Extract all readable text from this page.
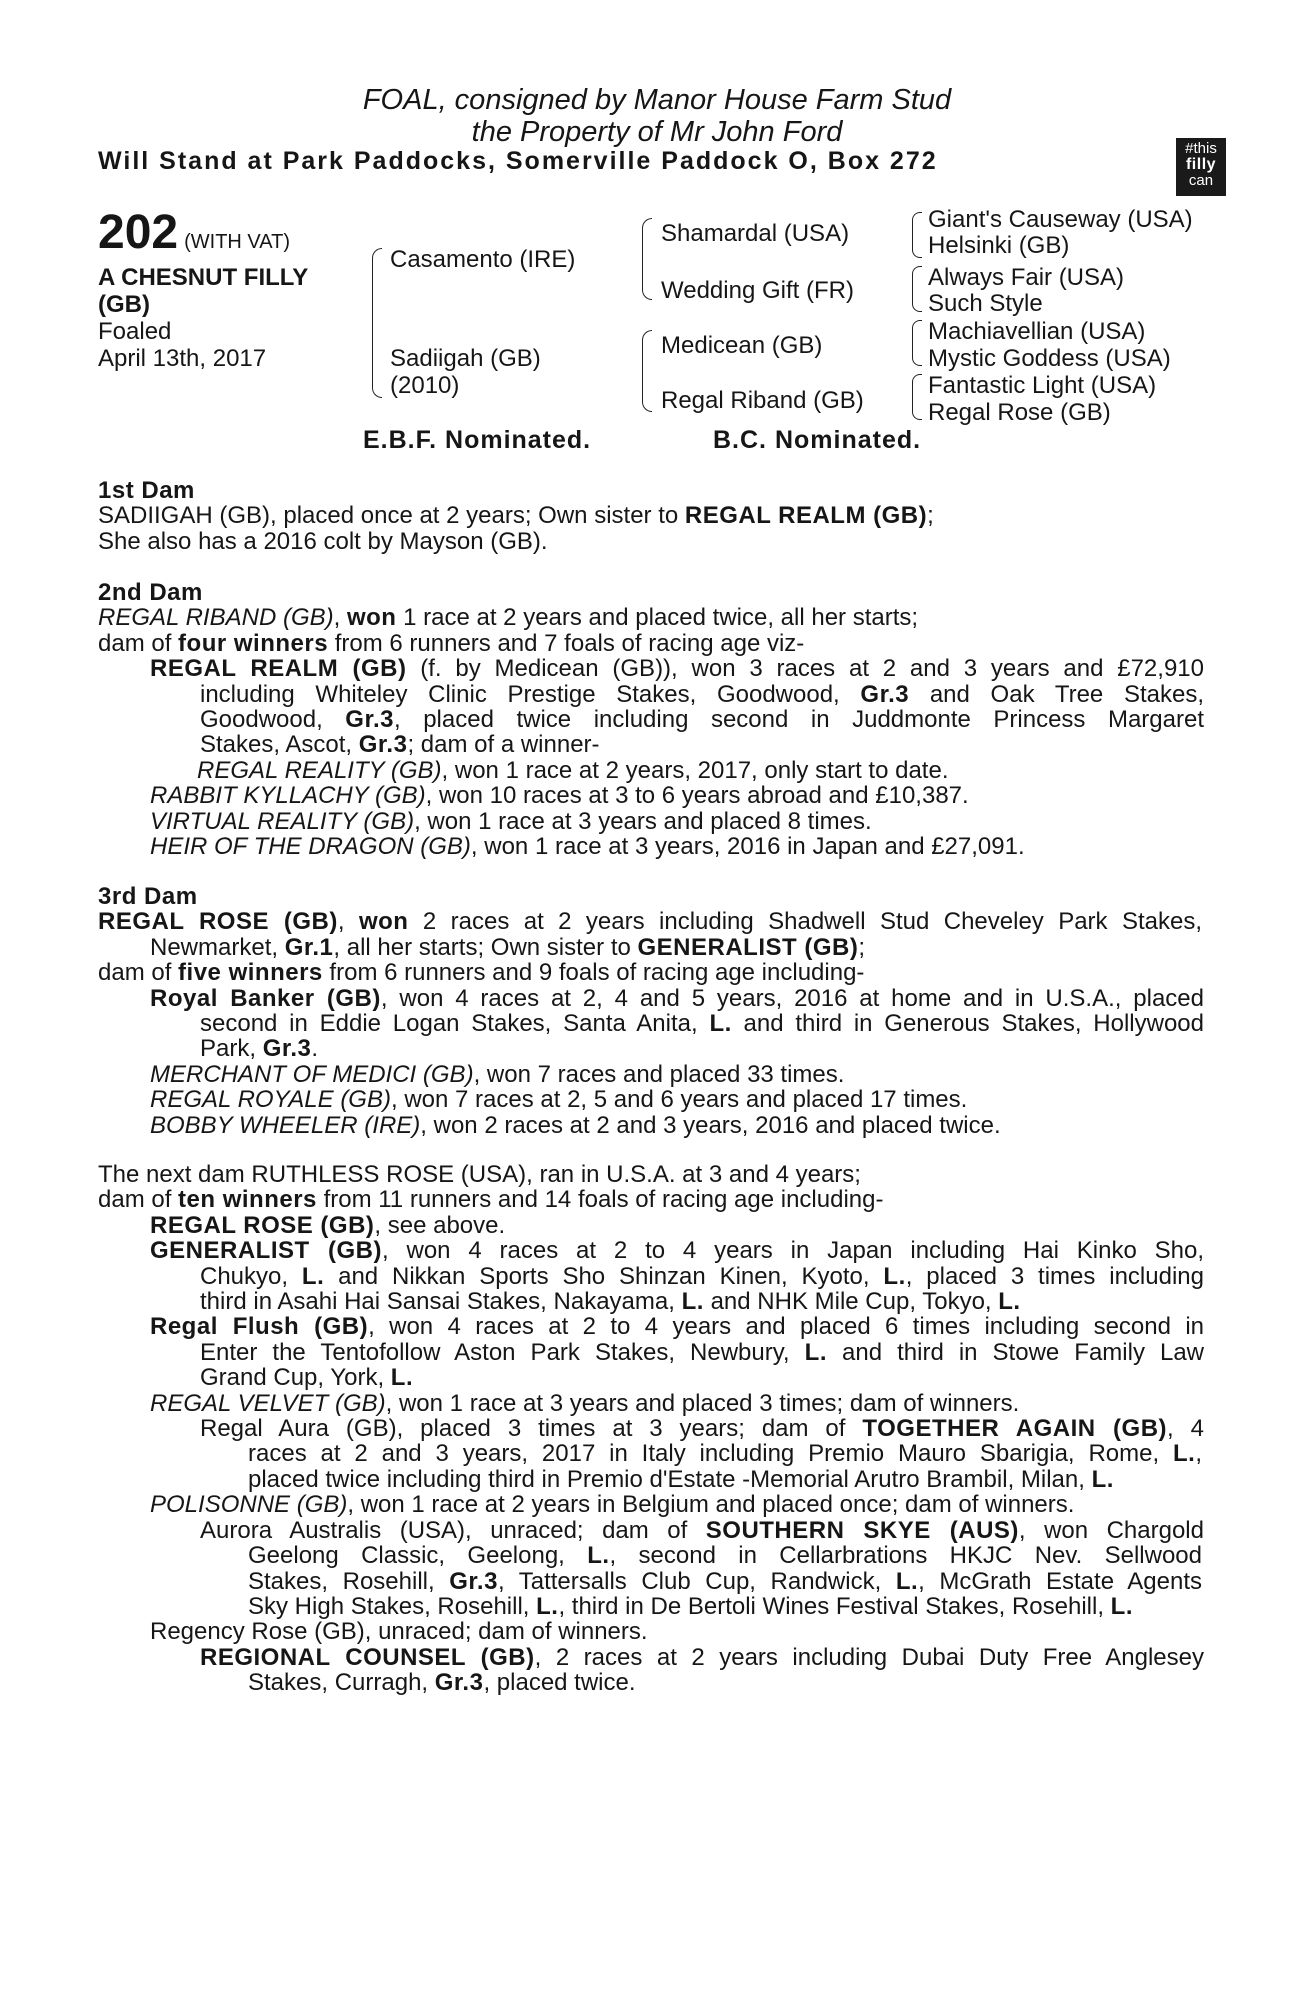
FOAL, consigned by Manor House Farm Stud
the Property of Mr John Ford
Will Stand at Park Paddocks, Somerville Paddock O, Box 272	#this
filly
can
202 (WITH VAT)
A CHESNUT FILLY
(GB)
Foaled
April 13th, 2017
Casamento (IRE)
Sadiigah (GB)
(2010)
Shamardal (USA)
Wedding Gift (FR)
Medicean (GB)
Regal Riband (GB)
Giant's Causeway (USA)
Helsinki (GB)
Always Fair (USA)
Such Style
Machiavellian (USA)
Mystic Goddess (USA)
Fantastic Light (USA)
Regal Rose (GB)
E.B.F. Nominated.	B.C. Nominated.
1st Dam
SADIIGAH (GB), placed once at 2 years; Own sister to REGAL REALM (GB);
She also has a 2016 colt by Mayson (GB).
2nd Dam
REGAL RIBAND (GB), won 1 race at 2 years and placed twice, all her starts;
dam of four winners from 6 runners and 7 foals of racing age viz-
REGAL REALM (GB) (f. by Medicean (GB)), won 3 races at 2 and 3 years and £72,910
including Whiteley Clinic Prestige Stakes, Goodwood, Gr.3 and Oak Tree Stakes,
Goodwood, Gr.3, placed twice including second in Juddmonte Princess Margaret
Stakes, Ascot, Gr.3; dam of a winner-
REGAL REALITY (GB), won 1 race at 2 years, 2017, only start to date.
RABBIT KYLLACHY (GB), won 10 races at 3 to 6 years abroad and £10,387.
VIRTUAL REALITY (GB), won 1 race at 3 years and placed 8 times.
HEIR OF THE DRAGON (GB), won 1 race at 3 years, 2016 in Japan and £27,091.
3rd Dam
REGAL ROSE (GB), won 2 races at 2 years including Shadwell Stud Cheveley Park Stakes,
Newmarket, Gr.1, all her starts; Own sister to GENERALIST (GB);
dam of five winners from 6 runners and 9 foals of racing age including-
Royal Banker (GB), won 4 races at 2, 4 and 5 years, 2016 at home and in U.S.A., placed
second in Eddie Logan Stakes, Santa Anita, L. and third in Generous Stakes, Hollywood
Park, Gr.3.
MERCHANT OF MEDICI (GB), won 7 races and placed 33 times.
REGAL ROYALE (GB), won 7 races at 2, 5 and 6 years and placed 17 times.
BOBBY WHEELER (IRE), won 2 races at 2 and 3 years, 2016 and placed twice.
The next dam RUTHLESS ROSE (USA), ran in U.S.A. at 3 and 4 years;
dam of ten winners from 11 runners and 14 foals of racing age including-
REGAL ROSE (GB), see above.
GENERALIST (GB), won 4 races at 2 to 4 years in Japan including Hai Kinko Sho,
Chukyo, L. and Nikkan Sports Sho Shinzan Kinen, Kyoto, L., placed 3 times including
third in Asahi Hai Sansai Stakes, Nakayama, L. and NHK Mile Cup, Tokyo, L.
Regal Flush (GB), won 4 races at 2 to 4 years and placed 6 times including second in
Enter the Tentofollow Aston Park Stakes, Newbury, L. and third in Stowe Family Law
Grand Cup, York, L.
REGAL VELVET (GB), won 1 race at 3 years and placed 3 times; dam of winners.
Regal Aura (GB), placed 3 times at 3 years; dam of TOGETHER AGAIN (GB), 4
races at 2 and 3 years, 2017 in Italy including Premio Mauro Sbarigia, Rome, L.,
placed twice including third in Premio d'Estate -Memorial Arutro Brambil, Milan, L.
POLISONNE (GB), won 1 race at 2 years in Belgium and placed once; dam of winners.
Aurora Australis (USA), unraced; dam of SOUTHERN SKYE (AUS), won Chargold
Geelong Classic, Geelong, L., second in Cellarbrations HKJC Nev. Sellwood
Stakes, Rosehill, Gr.3, Tattersalls Club Cup, Randwick, L., McGrath Estate Agents
Sky High Stakes, Rosehill, L., third in De Bertoli Wines Festival Stakes, Rosehill, L.
Regency Rose (GB), unraced; dam of winners.
REGIONAL COUNSEL (GB), 2 races at 2 years including Dubai Duty Free Anglesey
Stakes, Curragh, Gr.3, placed twice.
